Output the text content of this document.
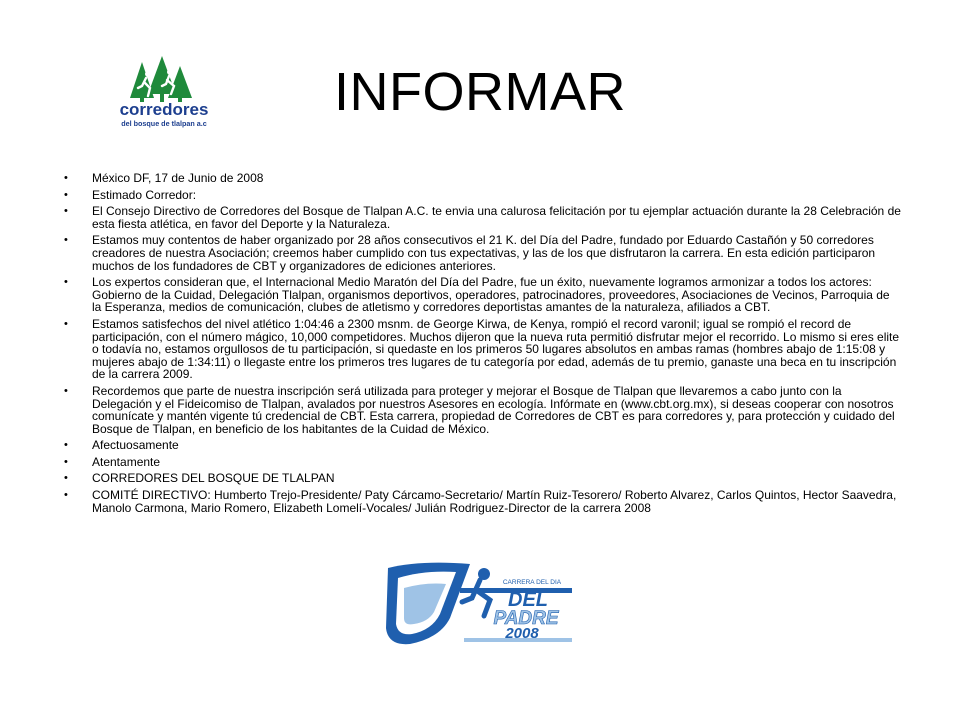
corredores
del bosque de tlalpan a.c
INFORMAR
• México DF, 17 de Junio de 2008
• Estimado Corredor:
• El Consejo Directivo de Corredores del Bosque de Tlalpan A.C. te envia una calurosa felicitación por tu ejemplar actuación durante la 28 Celebración de esta fiesta atlética, en favor del Deporte y la Naturaleza.
• Estamos muy contentos de haber organizado por 28 años consecutivos el 21 K. del Día del Padre, fundado por Eduardo Castañón y 50 corredores creadores de nuestra Asociación; creemos haber cumplido con tus expectativas, y las de los que disfrutaron la carrera. En esta edición participaron muchos de los fundadores de CBT y organizadores de ediciones anteriores.
• Los expertos consideran que, el Internacional Medio Maratón del Día del Padre, fue un éxito, nuevamente logramos armonizar a todos los actores: Gobierno de la Cuidad, Delegación Tlalpan, organismos deportivos, operadores, patrocinadores, proveedores, Asociaciones de Vecinos, Parroquia de la Esperanza, medios de comunicación, clubes de atletismo y corredores deportistas amantes de la naturaleza, afiliados a CBT.
• Estamos satisfechos del nivel atlético 1:04:46 a 2300 msnm. de George Kirwa, de Kenya, rompió el record varonil; igual se rompió el record de participación, con el número mágico, 10,000 competidores. Muchos dijeron que la nueva ruta permitió disfrutar mejor el recorrido. Lo mismo si eres elite o todavía no, estamos orgullosos de tu participación, si quedaste en los primeros 50 lugares absolutos en ambas ramas (hombres abajo de 1:15:08 y mujeres abajo de 1:34:11) o llegaste entre los primeros tres lugares de tu categoría por edad, además de tu premio, ganaste una beca en tu inscripción de la carrera 2009.
• Recordemos que parte de nuestra inscripción será utilizada para proteger y mejorar el Bosque de Tlalpan que llevaremos a cabo junto con la Delegación y el Fideicomiso de Tlalpan, avalados por nuestros Asesores en ecología. Infórmate en (www.cbt.org.mx), si deseas cooperar con nosotros comunícate y mantén vigente tú credencial de CBT. Esta carrera, propiedad de Corredores de CBT es para corredores y, para protección y cuidado del Bosque de Tlalpan, en beneficio de los habitantes de la Cuidad de México.
• Afectuosamente
• Atentamente
• CORREDORES DEL BOSQUE DE TLALPAN
• COMITÉ DIRECTIVO: Humberto Trejo-Presidente/ Paty Cárcamo-Secretario/ Martín Ruiz-Tesorero/ Roberto Alvarez, Carlos Quintos, Hector Saavedra, Manolo Carmona, Mario Romero, Elizabeth Lomelí-Vocales/ Julián Rodriguez-Director de la carrera 2008
CARRERA DEL DIA
DEL
PADRE
2008
